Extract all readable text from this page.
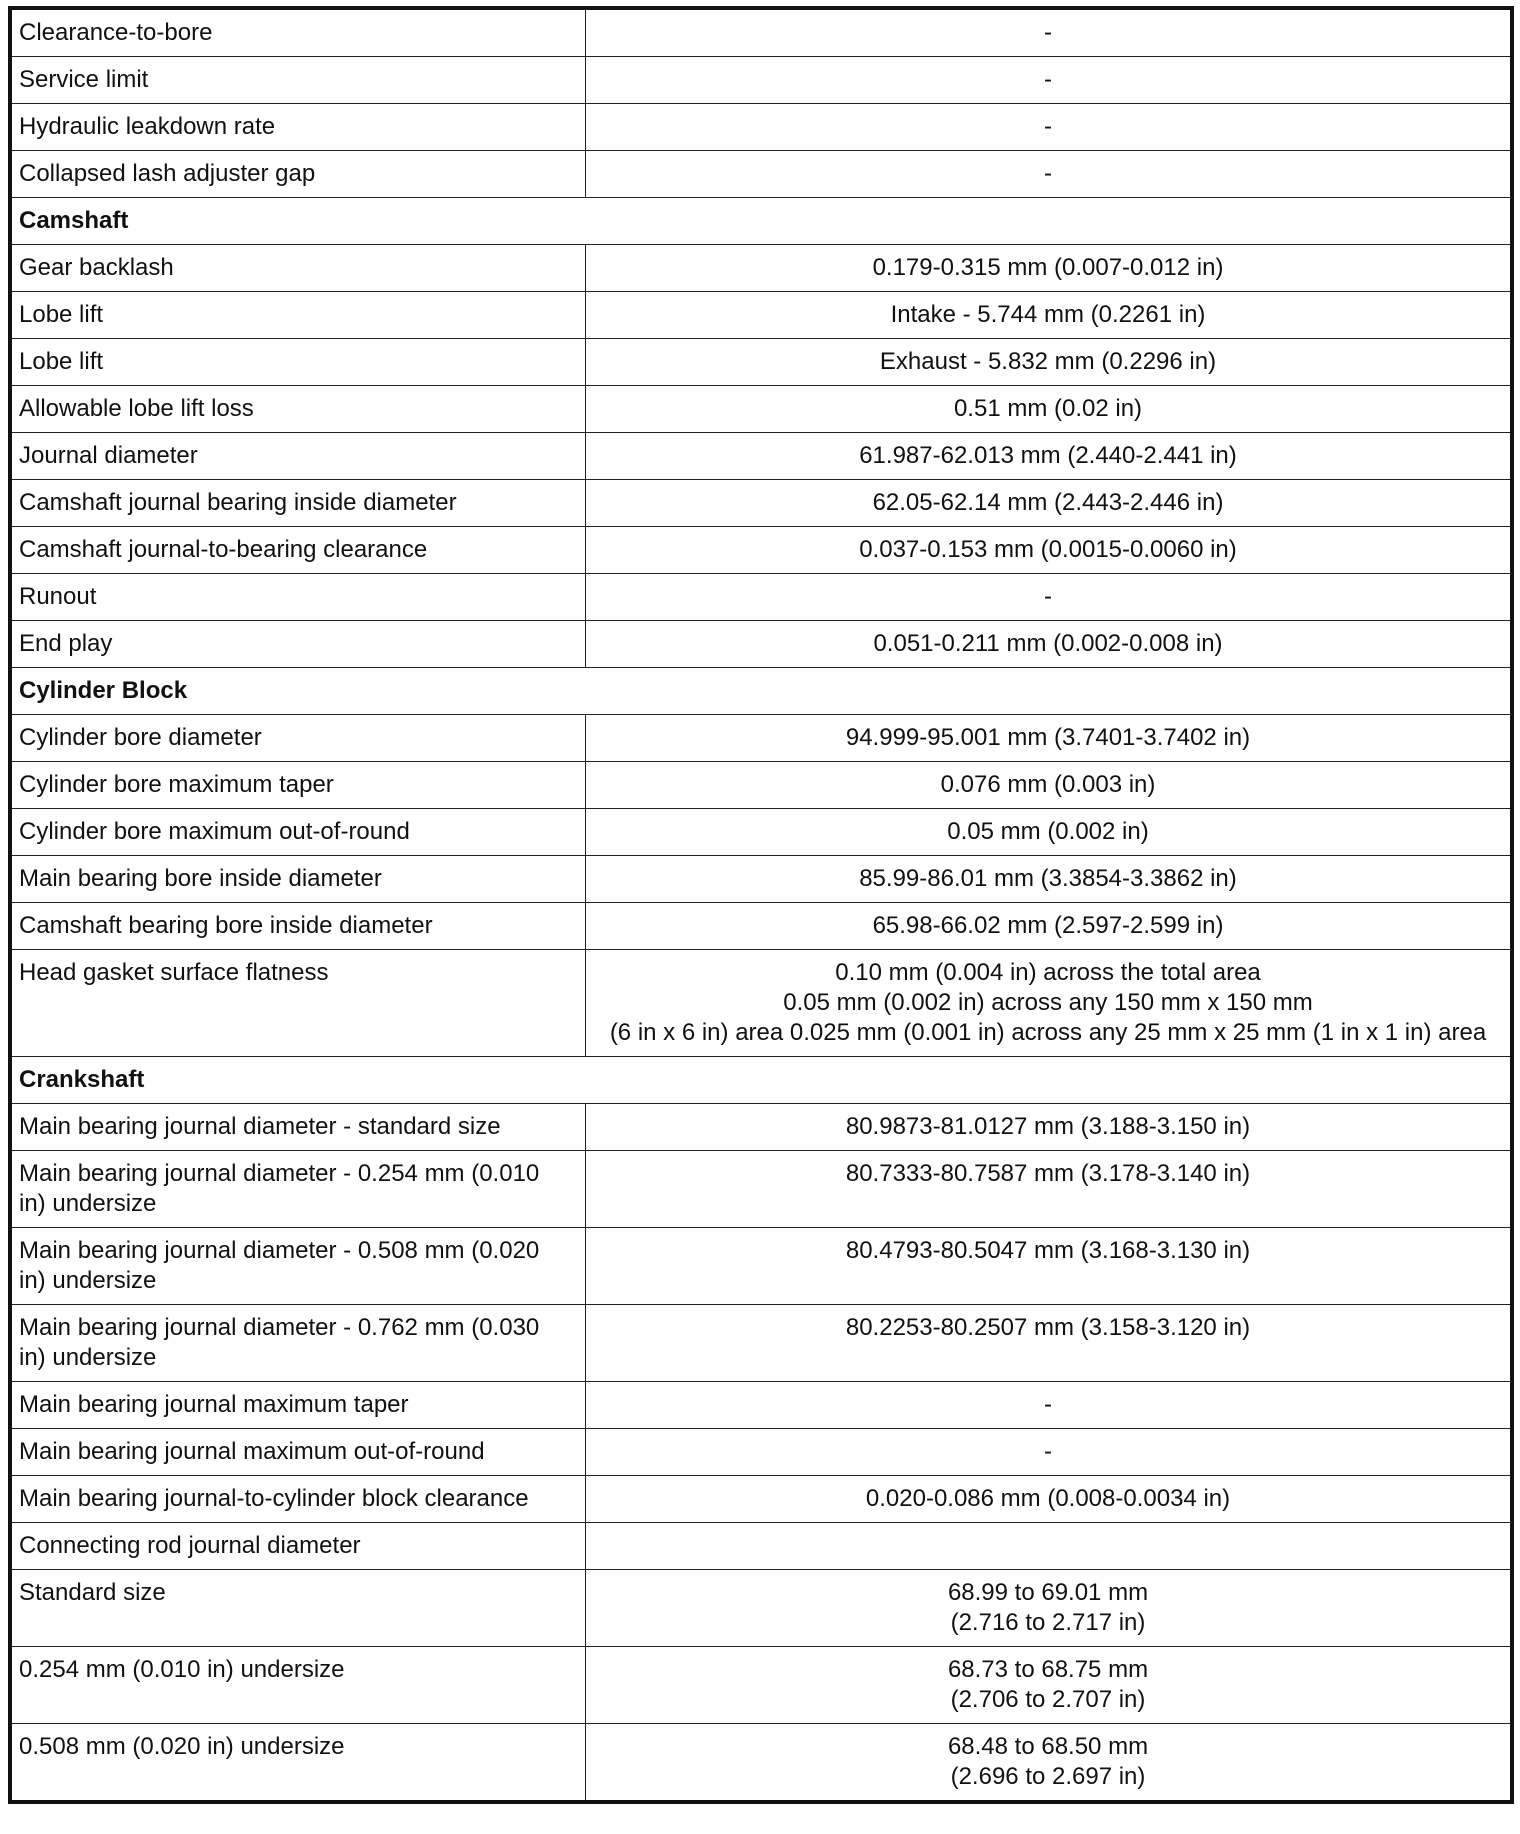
Clearance-to-bore	-
Service limit	-
Hydraulic leakdown rate	-
Collapsed lash adjuster gap	-
Camshaft	
Gear backlash	0.179-0.315 mm (0.007-0.012 in)
Lobe lift	Intake - 5.744 mm (0.2261 in)
Lobe lift	Exhaust - 5.832 mm (0.2296 in)
Allowable lobe lift loss	0.51 mm (0.02 in)
Journal diameter	61.987-62.013 mm (2.440-2.441 in)
Camshaft journal bearing inside diameter	62.05-62.14 mm (2.443-2.446 in)
Camshaft journal-to-bearing clearance	0.037-0.153 mm (0.0015-0.0060 in)
Runout	-
End play	0.051-0.211 mm (0.002-0.008 in)
Cylinder Block	
Cylinder bore diameter	94.999-95.001 mm (3.7401-3.7402 in)
Cylinder bore maximum taper	0.076 mm (0.003 in)
Cylinder bore maximum out-of-round	0.05 mm (0.002 in)
Main bearing bore inside diameter	85.99-86.01 mm (3.3854-3.3862 in)
Camshaft bearing bore inside diameter	65.98-66.02 mm (2.597-2.599 in)
Head gasket surface flatness	0.10 mm (0.004 in) across the total area
0.05 mm (0.002 in) across any 150 mm x 150 mm
(6 in x 6 in) area 0.025 mm (0.001 in) across any 25 mm x 25 mm (1 in x 1 in) area
Crankshaft	
Main bearing journal diameter - standard size	80.9873-81.0127 mm (3.188-3.150 in)
Main bearing journal diameter - 0.254 mm (0.010
in) undersize	80.7333-80.7587 mm (3.178-3.140 in)
Main bearing journal diameter - 0.508 mm (0.020
in) undersize	80.4793-80.5047 mm (3.168-3.130 in)
Main bearing journal diameter - 0.762 mm (0.030
in) undersize	80.2253-80.2507 mm (3.158-3.120 in)
Main bearing journal maximum taper	-
Main bearing journal maximum out-of-round	-
Main bearing journal-to-cylinder block clearance	0.020-0.086 mm (0.008-0.0034 in)
Connecting rod journal diameter	
Standard size	68.99 to 69.01 mm
(2.716 to 2.717 in)
0.254 mm (0.010 in) undersize	68.73 to 68.75 mm
(2.706 to 2.707 in)
0.508 mm (0.020 in) undersize	68.48 to 68.50 mm
(2.696 to 2.697 in)
